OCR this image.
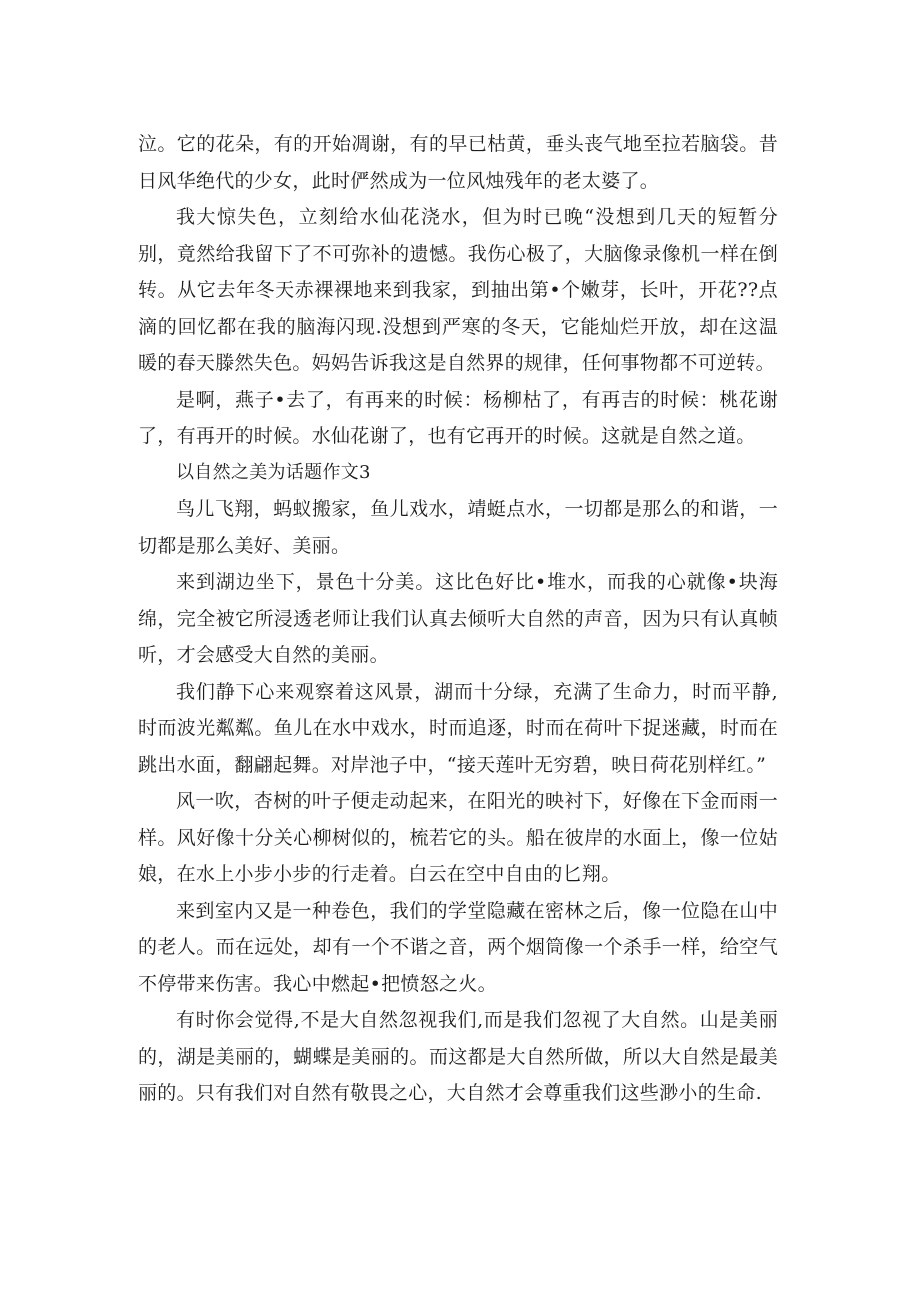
泣。它的花朵，有的开始凋谢，有的早已枯黄，垂头丧气地至拉若脑袋。昔日风华绝代的少女，此时俨然成为一位风烛残年的老太婆了。

我大惊失色，立刻给水仙花浇水，但为时已晚“没想到几天的短暂分别，竟然给我留下了不可弥补的遗憾。我伤心极了，大脑像录像机一样在倒转。从它去年冬天赤裸裸地来到我家，到抽出第•个嫩芽，长叶，开花??点滴的回忆都在我的脑海闪现.没想到严寒的冬天，它能灿烂开放，却在这温暖的春天滕然失色。妈妈告诉我这是自然界的规律，任何事物都不可逆转。

是啊，燕子•去了，有再来的时候：杨柳枯了，有再吉的时候：桃花谢了，有再开的时候。水仙花谢了，也有它再开的时候。这就是自然之道。

以自然之美为话题作文3

鸟儿飞翔，蚂蚁搬家，鱼儿戏水，靖蜓点水，一切都是那么的和谐，一切都是那么美好、美丽。

来到湖边坐下，景色十分美。这比色好比•堆水，而我的心就像•块海绵，完全被它所浸透老师让我们认真去倾听大自然的声音，因为只有认真帧听，才会感受大自然的美丽。

我们静下心来观察着这风景，湖而十分绿，充满了生命力，时而平静,时而波光粼粼。鱼儿在水中戏水，时而追逐，时而在荷叶下捉迷藏，时而在跳出水面，翻翩起舞。对岸池子中，“接天莲叶无穷碧，映日荷花别样红。”

风一吹，杏树的叶子便走动起来，在阳光的映衬下，好像在下金而雨一样。风好像十分关心柳树似的，梳若它的头。船在彼岸的水面上，像一位姑娘，在水上小步小步的行走着。白云在空中自由的匕翔。

来到室内又是一种卷色，我们的学堂隐藏在密林之后，像一位隐在山中的老人。而在远处，却有一个不谐之音，两个烟筒像一个杀手一样，给空气不停带来伤害。我心中燃起•把愤怒之火。

有时你会觉得,不是大自然忽视我们,而是我们忽视了大自然。山是美丽的，湖是美丽的，蝴蝶是美丽的。而这都是大自然所做，所以大自然是最美丽的。只有我们对自然有敬畏之心，大自然才会尊重我们这些渺小的生命.
